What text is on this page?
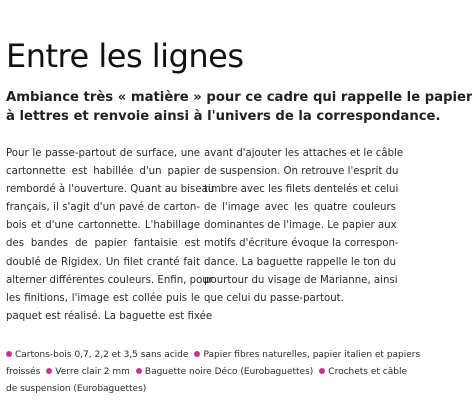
Entre les lignes
Ambiance très « matière » pour ce cadre qui rappelle le papier
à lettres et renvoie ainsi à l'univers de la correspondance.
Pour le passe-partout de surface, une
cartonnette est habillée d'un papier
rembordé à l'ouverture. Quant au biseau
français, il s'agit d'un pavé de carton-
bois et d'une cartonnette. L'habillage
des bandes de papier fantaisie est
doublé de Rigidex. Un filet cranté fait
alterner différentes couleurs. Enfin, pour
les finitions, l'image est collée puis le
paquet est réalisé. La baguette est fixée
avant d'ajouter les attaches et le câble
de suspension. On retrouve l'esprit du
timbre avec les filets dentelés et celui
de l'image avec les quatre couleurs
dominantes de l'image. Le papier aux
motifs d'écriture évoque la correspon-
dance. La baguette rappelle le ton du
pourtour du visage de Marianne, ainsi
que celui du passe-partout.
Cartons-bois 0,7, 2,2 et 3,5 sans acide Papier fibres naturelles, papier italien et papiers
froissés Verre clair 2 mm Baguette noire Déco (Eurobaguettes) Crochets et câble
de suspension (Eurobaguettes)
